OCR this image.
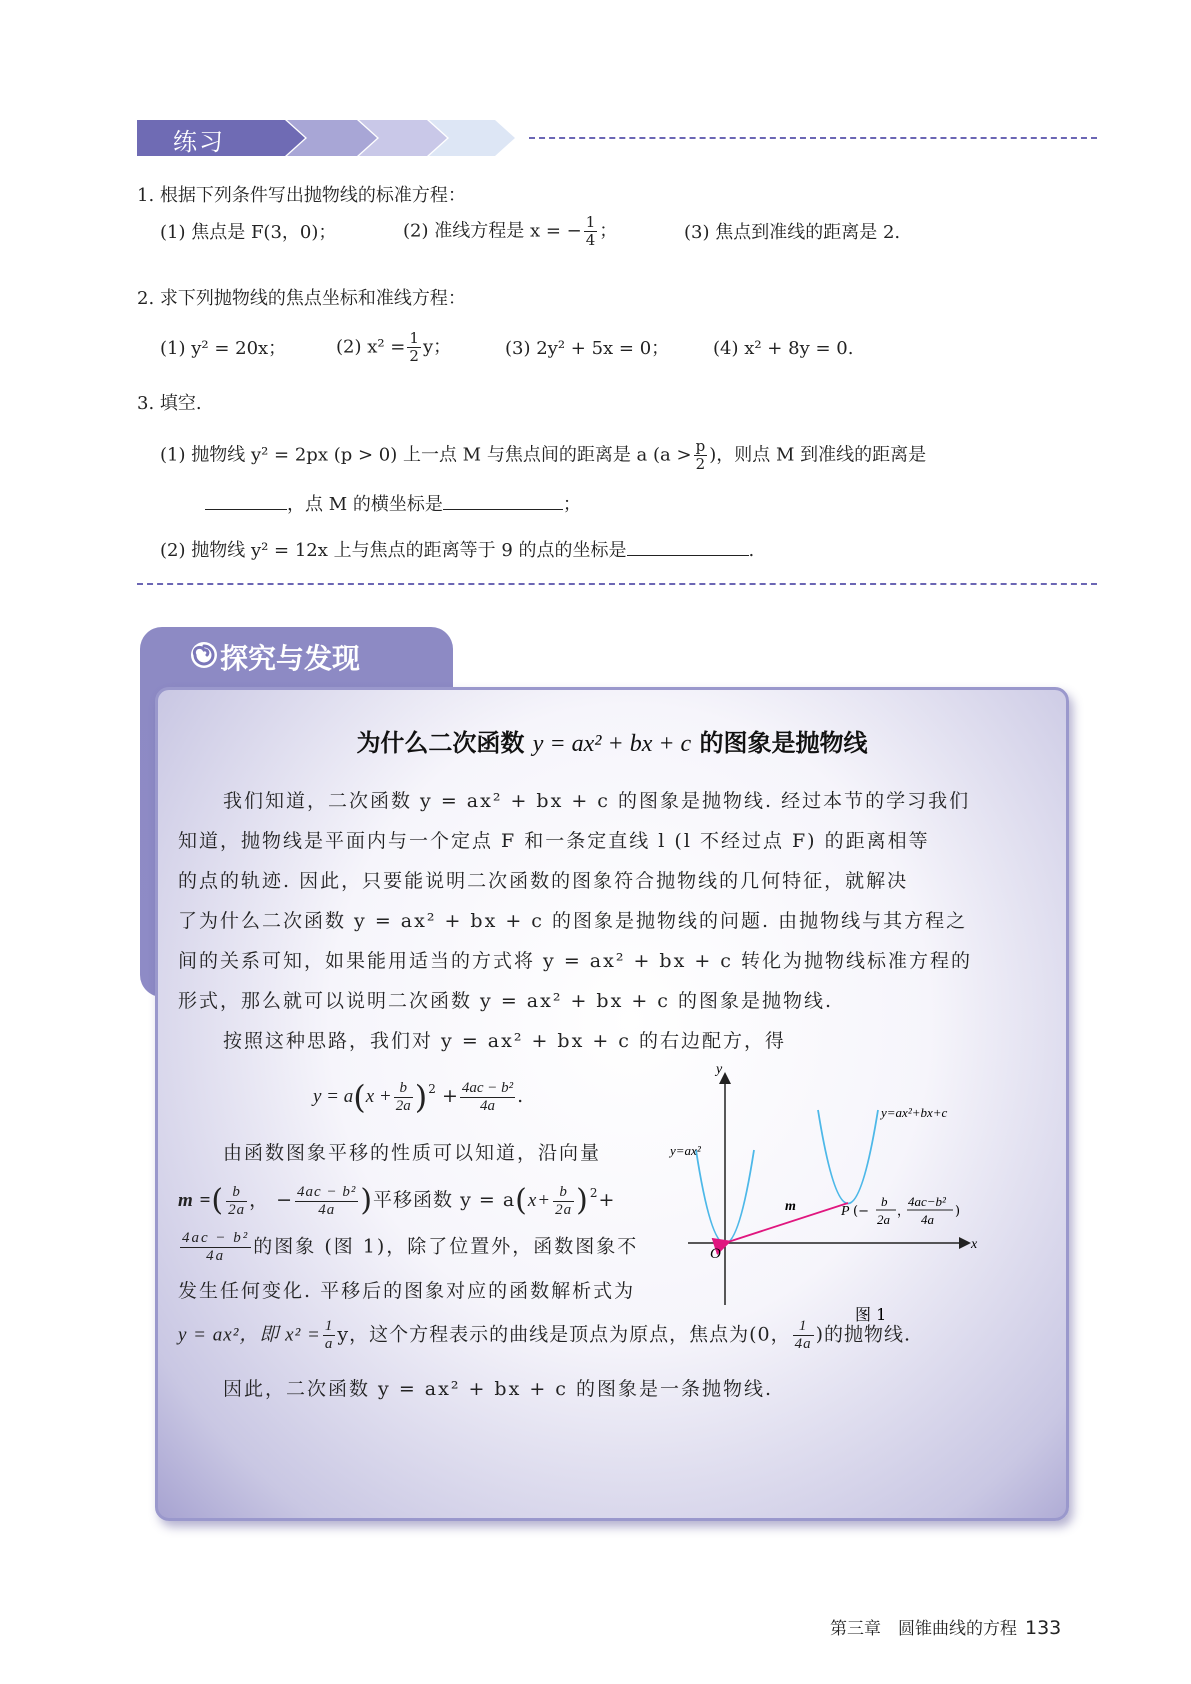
练习
1. 根据下列条件写出抛物线的标准方程：
(1) 焦点是 F(3，0)；	(2) 准线方程是 x = − $\frac{1}{4}$ ；	(3) 焦点到准线的距离是 2.
2. 求下列抛物线的焦点坐标和准线方程：
(1) y² = 20x；	(2) $x^2 = \frac{1}{2}$ y；	(3) 2y² + 5x = 0； (4) x² + 8y = 0.
3. 填空.
(1) 抛物线 y² = 2px (p > 0) 上一点 M 与焦点间的距离是 a ($a > \frac{p}{2}$ )，则点 M 到准线的距离是
，点 M 的横坐标是	；
(2) 抛物线 y² = 12x 上与焦点的距离等于 9 的点的坐标是	.
探究与发现
为什么二次函数 y = ax² + bx + c 的图象是抛物线
我们知道，二次函数 y = ax² + bx + c 的图象是抛物线. 经过本节的学习我们
知道，抛物线是平面内与一个定点 F 和一条定直线 l (l 不经过点 F) 的距离相等
的点的轨迹. 因此，只要能说明二次函数的图象符合抛物线的几何特征，就解决
了为什么二次函数 y = ax² + bx + c 的图象是抛物线的问题. 由抛物线与其方程之
间的关系可知，如果能用适当的方式将 y = ax² + bx + c 转化为抛物线标准方程的
形式，那么就可以说明二次函数 y = ax² + bx + c 的图象是抛物线.
按照这种思路，我们对 y = ax² + bx + c 的右边配方，得
$y = a(x + \frac{b}{2a} )^2 + \frac{\text{4ac − b²}}{4a}$ .
由函数图象平移的性质可以知道，沿向量
m =( $\frac{b}{2a}$ ， − $\frac{\text{4ac − b²}}{4a}$ )平移函数 $y = a(x+ \frac{b}{2a} )^2+$
$\frac{\text{4ac − b²}}{4a}$ 的图象 (图 1)，除了位置外，函数图象不
发生任何变化. 平移后的图象对应的函数解析式为
y = ax²，即 $x^2 = \frac{1}{a}$ y，这个方程表示的曲线是顶点为原点，焦点为(0， $\frac{1}{4a}$ )的抛物线.
因此，二次函数 y = ax² + bx + c 的图象是一条抛物线.
y
x
O
y=ax²
y=ax²+bx+c
m	P (−
b
2a
，
4ac−b²
4a
)
图 1
第三章　圆锥曲线的方程 133
